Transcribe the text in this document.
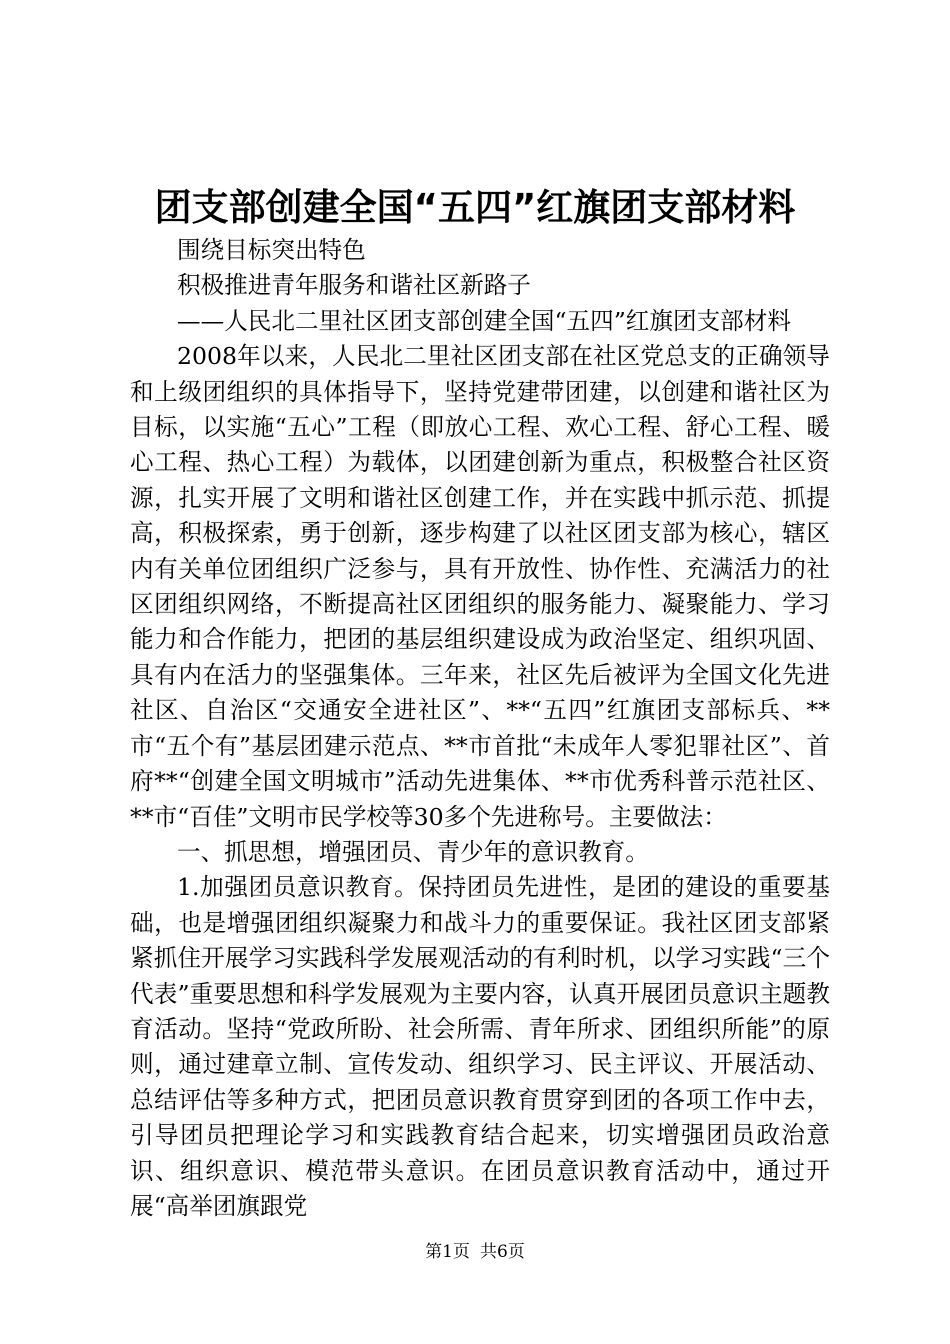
团支部创建全国“五四”红旗团支部材料

围绕目标突出特色

积极推进青年服务和谐社区新路子

——人民北二里社区团支部创建全国“五四”红旗团支部材料

2008年以来，人民北二里社区团支部在社区党总支的正确领导和上级团组织的具体指导下，坚持党建带团建，以创建和谐社区为目标，以实施“五心”工程（即放心工程、欢心工程、舒心工程、暖心工程、热心工程）为载体，以团建创新为重点，积极整合社区资源，扎实开展了文明和谐社区创建工作，并在实践中抓示范、抓提高，积极探索，勇于创新，逐步构建了以社区团支部为核心，辖区内有关单位团组织广泛参与，具有开放性、协作性、充满活力的社区团组织网络，不断提高社区团组织的服务能力、凝聚能力、学习能力和合作能力，把团的基层组织建设成为政治坚定、组织巩固、具有内在活力的坚强集体。三年来，社区先后被评为全国文化先进社区、自治区“交通安全进社区”、**“五四”红旗团支部标兵、**市“五个有”基层团建示范点、**市首批“未成年人零犯罪社区”、首府**“创建全国文明城市”活动先进集体、**市优秀科普示范社区、**市“百佳”文明市民学校等30多个先进称号。主要做法：

一、抓思想，增强团员、青少年的意识教育。

1.加强团员意识教育。保持团员先进性，是团的建设的重要基础，也是增强团组织凝聚力和战斗力的重要保证。我社区团支部紧紧抓住开展学习实践科学发展观活动的有利时机，以学习实践“三个代表”重要思想和科学发展观为主要内容，认真开展团员意识主题教育活动。坚持“党政所盼、社会所需、青年所求、团组织所能”的原则，通过建章立制、宣传发动、组织学习、民主评议、开展活动、总结评估等多种方式，把团员意识教育贯穿到团的各项工作中去，引导团员把理论学习和实践教育结合起来，切实增强团员政治意识、组织意识、模范带头意识。在团员意识教育活动中，通过开展“高举团旗跟党

第1页 共6页
